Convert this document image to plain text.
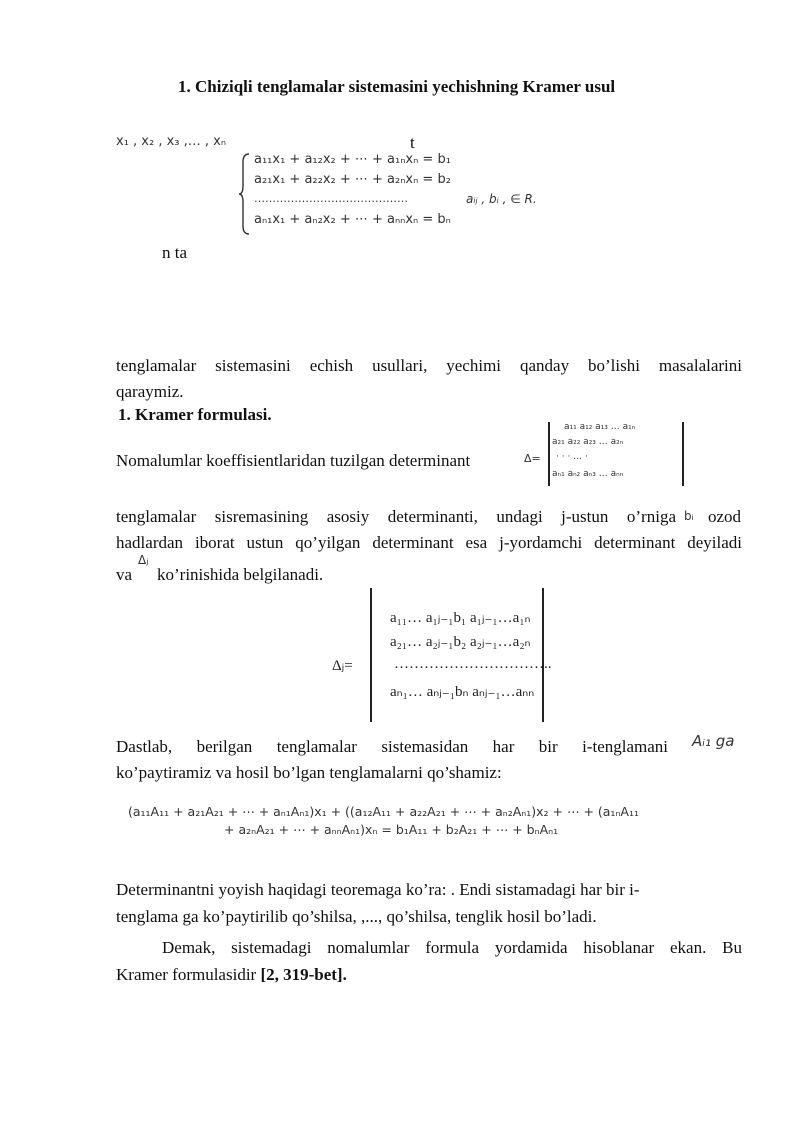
1. Chiziqli tenglamalar sistemasini yechishning Kramer usul
x₁ , x₂ , x₃ ,… , xₙ	t
a₁₁x₁ + a₁₂x₂ + ⋯ + a₁ₙxₙ = b₁
a₂₁x₁ + a₂₂x₂ + ⋯ + a₂ₙxₙ = b₂
……………………………………
aₙ₁x₁ + aₙ₂x₂ + ⋯ + aₙₙxₙ = bₙ
aᵢⱼ , bᵢ , ∈ R.
n ta
tenglamalar sistemasini echish usullari, yechimi qanday bo’lishi masalalarini
qaraymiz.
1. Kramer formulasi.
Nomalumlar koeffisientlaridan tuzilgan determinant	Δ=
a₁₁ a₁₂ a₁₃ … a₁ₙ
a₂₁ a₂₂ a₂₃ … a₂ₙ
· · · … ·
aₙ₁ aₙ₂ aₙ₃ … aₙₙ
tenglamalar sisremasining asosiy determinanti, undagi j-ustun o’rniga bᵢ ozod
hadlardan iborat ustun qo’yilgan determinant esa j-yordamchi determinant deyiladi
va
Δⱼ
ko’rinishida belgilanadi.
Δⱼ=
a₁₁… a₁ⱼ₋₁b₁ a₁ⱼ₋₁…a₁ₙ
a₂₁… a₂ⱼ₋₁b₂ a₂ⱼ₋₁…a₂ₙ
…………………………..
aₙ₁… aₙⱼ₋₁bₙ aₙⱼ₋₁…aₙₙ
Dastlab, berilgan tenglamalar sistemasidan har bir i-tenglamani Aᵢ₁ ga
ko’paytiramiz va hosil bo’lgan tenglamalarni qo’shamiz:
(a₁₁A₁₁ + a₂₁A₂₁ + ⋯ + aₙ₁Aₙ₁)x₁ + ((a₁₂A₁₁ + a₂₂A₂₁ + ⋯ + aₙ₂Aₙ₁)x₂ + ⋯ + (a₁ₙA₁₁
+ a₂ₙA₂₁ + ⋯ + aₙₙAₙ₁)xₙ = b₁A₁₁ + b₂A₂₁ + ⋯ + bₙAₙ₁
Determinantni yoyish haqidagi teoremaga ko’ra: . Endi sistamadagi har bir i-
tenglama ga ko’paytirilib qo’shilsa, ,..., qo’shilsa, tenglik hosil bo’ladi.
Demak, sistemadagi nomalumlar formula yordamida hisoblanar ekan. Bu
Kramer formulasidir [2, 319-bet].
